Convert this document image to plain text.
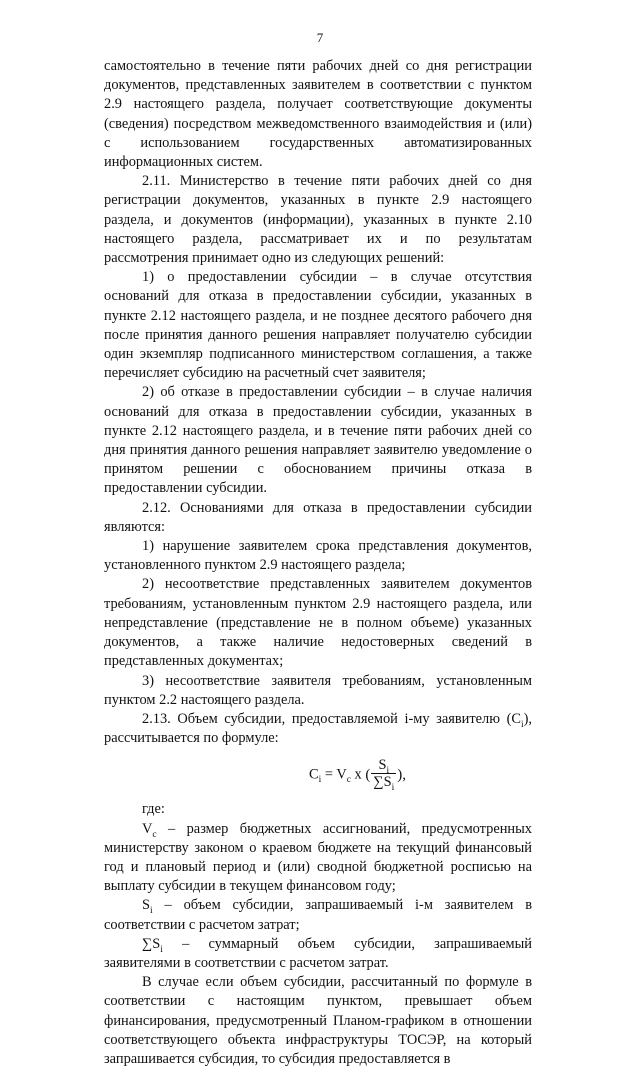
7

самостоятельно в течение пяти рабочих дней со дня регистрации документов, представленных заявителем в соответствии с пунктом 2.9 настоящего раздела, получает соответствующие документы (сведения) посредством межведомственного взаимодействия и (или) с использованием государственных автоматизированных информационных систем.

2.11. Министерство в течение пяти рабочих дней со дня регистрации документов, указанных в пункте 2.9 настоящего раздела, и документов (информации), указанных в пункте 2.10 настоящего раздела, рассматривает их и по результатам рассмотрения принимает одно из следующих решений:

1) о предоставлении субсидии – в случае отсутствия оснований для отказа в предоставлении субсидии, указанных в пункте 2.12 настоящего раздела, и не позднее десятого рабочего дня после принятия данного решения направляет получателю субсидии один экземпляр подписанного министерством соглашения, а также перечисляет субсидию на расчетный счет заявителя;

2) об отказе в предоставлении субсидии – в случае наличия оснований для отказа в предоставлении субсидии, указанных в пункте 2.12 настоящего раздела, и в течение пяти рабочих дней со дня принятия данного решения направляет заявителю уведомление о принятом решении с обоснованием причины отказа в предоставлении субсидии.

2.12. Основаниями для отказа в предоставлении субсидии являются:

1) нарушение заявителем срока представления документов, установленного пунктом 2.9 настоящего раздела;

2) несоответствие представленных заявителем документов требованиям, установленным пунктом 2.9 настоящего раздела, или непредставление (представление не в полном объеме) указанных документов, а также наличие недостоверных сведений в представленных документах;

3) несоответствие заявителя требованиям, установленным пунктом 2.2 настоящего раздела.

2.13. Объем субсидии, предоставляемой i-му заявителю $(C_i)$, рассчитывается по формуле:

$C_i = V_c$ x ( $\frac{S_i}{\sum S_i}$ ),

где:

$V_c$ – размер бюджетных ассигнований, предусмотренных министерству законом о краевом бюджете на текущий финансовый год и плановый период и (или) сводной бюджетной росписью на выплату субсидии в текущем финансовом году;

$S_i$ – объем субсидии, запрашиваемый i-м заявителем в соответствии с расчетом затрат;

$\sum S_i$ – суммарный объем субсидии, запрашиваемый заявителями в соответствии с расчетом затрат.

В случае если объем субсидии, рассчитанный по формуле в соответствии с настоящим пунктом, превышает объем финансирования, предусмотренный Планом-графиком в отношении соответствующего объекта инфраструктуры ТОСЭР, на который запрашивается субсидия, то субсидия предоставляется в
